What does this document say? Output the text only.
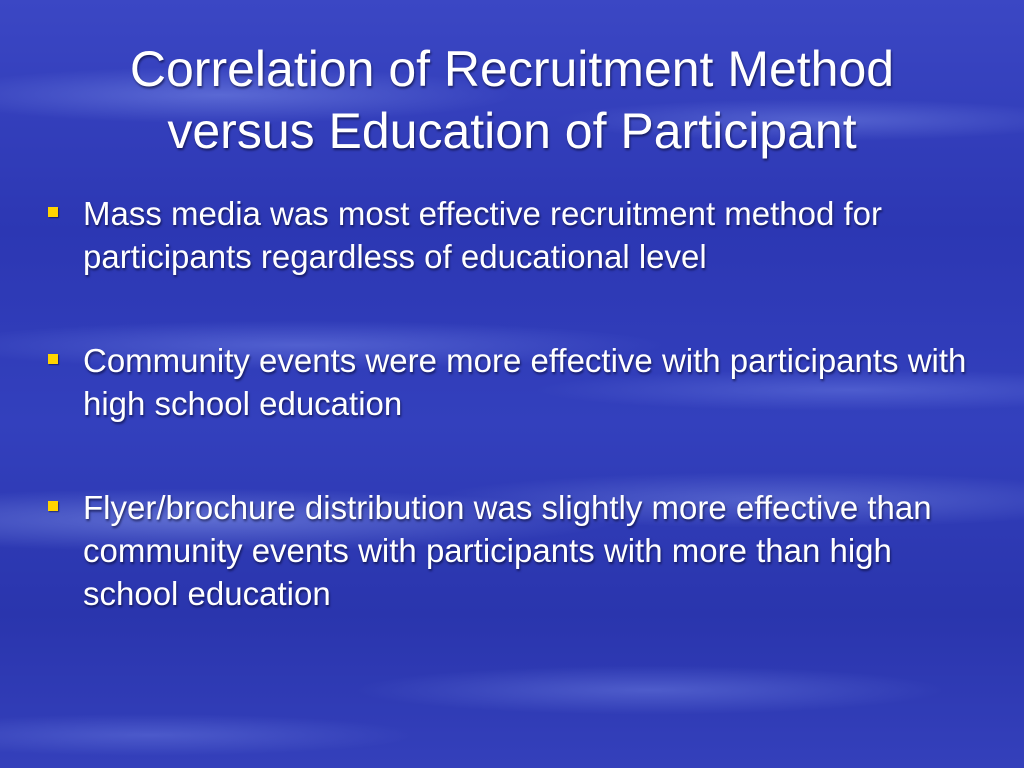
Correlation of Recruitment Method
versus Education of Participant
Mass media was most effective recruitment method for participants regardless of educational level
Community events were more effective with participants with high school education
Flyer/brochure distribution was slightly more effective than community events with participants with more than high school education
